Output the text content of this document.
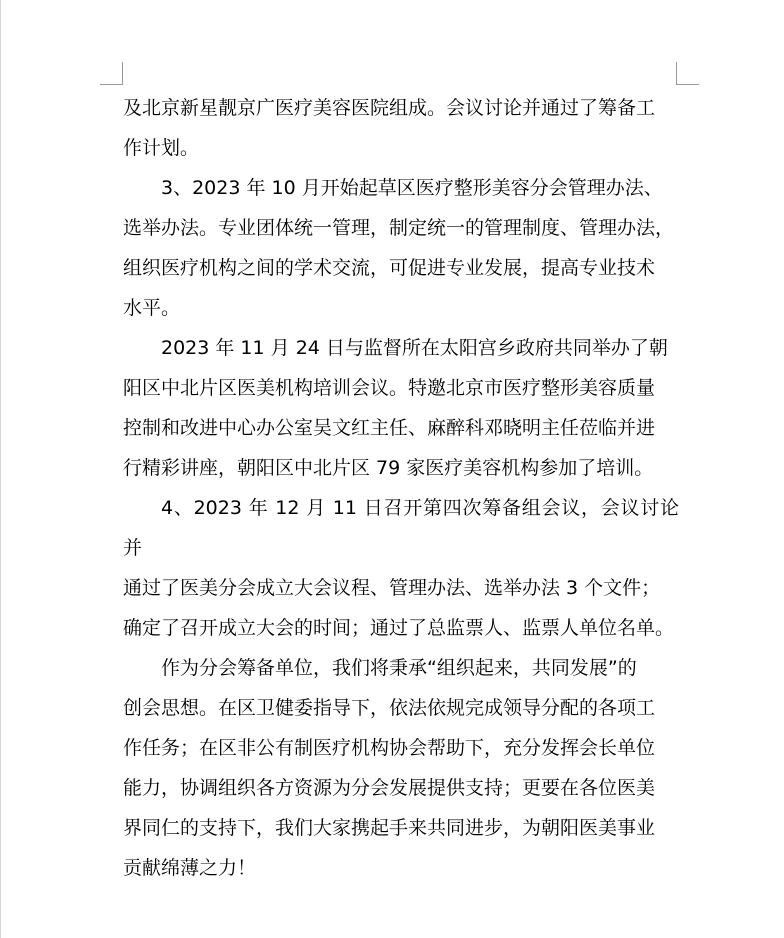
及北京新星靓京广医疗美容医院组成。会议讨论并通过了筹备工
作计划。

3、2023 年 10 月开始起草区医疗整形美容分会管理办法、
选举办法。专业团体统一管理，制定统一的管理制度、管理办法，
组织医疗机构之间的学术交流，可促进专业发展，提高专业技术
水平。

2023 年 11 月 24 日与监督所在太阳宫乡政府共同举办了朝
阳区中北片区医美机构培训会议。特邀北京市医疗整形美容质量
控制和改进中心办公室吴文红主任、麻醉科邓晓明主任莅临并进
行精彩讲座，朝阳区中北片区 79 家医疗美容机构参加了培训。

4、2023 年 12 月 11 日召开第四次筹备组会议，会议讨论并
通过了医美分会成立大会议程、管理办法、选举办法 3 个文件；
确定了召开成立大会的时间；通过了总监票人、监票人单位名单。

作为分会筹备单位，我们将秉承“组织起来，共同发展”的
创会思想。在区卫健委指导下，依法依规完成领导分配的各项工
作任务；在区非公有制医疗机构协会帮助下，充分发挥会长单位
能力，协调组织各方资源为分会发展提供支持；更要在各位医美
界同仁的支持下，我们大家携起手来共同进步，为朝阳医美事业
贡献绵薄之力！
